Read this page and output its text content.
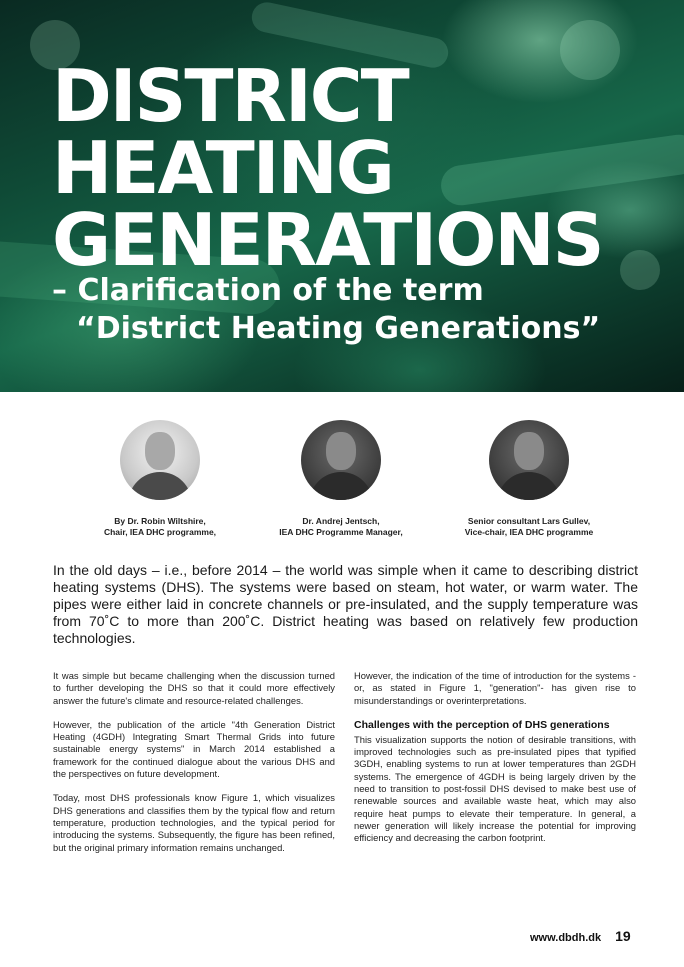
DISTRICT
HEATING
GENERATIONS
– Clarification of the term
“District Heating Generations”
By Dr. Robin Wiltshire,
Chair, IEA DHC programme,
Dr. Andrej Jentsch,
IEA DHC Programme Manager,
Senior consultant Lars Gullev,
Vice-chair, IEA DHC programme

In the old days – i.e., before 2014 – the world was simple when it came to describing district heating systems (DHS). The systems were based on steam, hot water, or warm water. The pipes were either laid in concrete channels or pre-insulated, and the supply temperature was from 70˚C to more than 200˚C. District heating was based on relatively few production technologies.

It was simple but became challenging when the discussion turned to further developing the DHS so that it could more effectively answer the future's climate and resource-related challenges.

However, the publication of the article "4th Generation District Heating (4GDH) Integrating Smart Thermal Grids into future sustainable energy systems" in March 2014 established a framework for the continued dialogue about the various DHS and the perspectives on future development.

Today, most DHS professionals know Figure 1, which visualizes DHS generations and classifies them by the typical flow and return temperature, production technologies, and the typical period for introducing the systems. Subsequently, the figure has been refined, but the original primary information remains unchanged.

However, the indication of the time of introduction for the systems - or, as stated in Figure 1, "generation"- has given rise to misunderstandings or overinterpretations.

Challenges with the perception of DHS generations

This visualization supports the notion of desirable transitions, with improved technologies such as pre-insulated pipes that typified 3GDH, enabling systems to run at lower temperatures than 2GDH systems. The emergence of 4GDH is being largely driven by the need to transition to post-fossil DHS devised to make best use of renewable sources and available waste heat, which may also require heat pumps to elevate their temperature. In general, a newer generation will likely increase the potential for improving efficiency and decreasing the carbon footprint.

www.dbdh.dk 19
